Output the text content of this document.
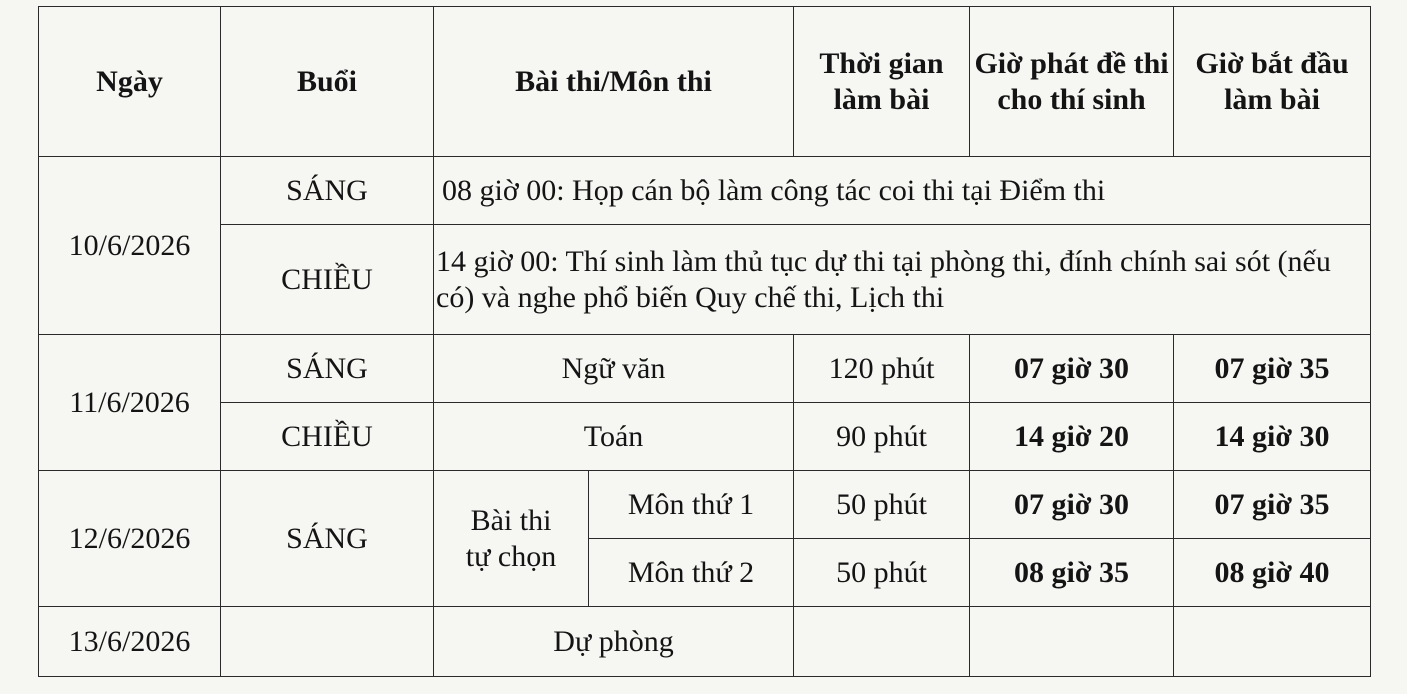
Ngày	Buổi	Bài thi/Môn thi		Thời gian làm bài	Giờ phát đề thi cho thí sinh	Giờ bắt đầu làm bài
10/6/2026	SÁNG	08 giờ 00: Họp cán bộ làm công tác coi thi tại Điểm thi				
	CHIỀU	14 giờ 00: Thí sinh làm thủ tục dự thi tại phòng thi, đính chính sai sót (nếu có) và nghe phổ biến Quy chế thi, Lịch thi				
11/6/2026	SÁNG	Ngữ văn		120 phút	07 giờ 30	07 giờ 35
	CHIỀU	Toán		90 phút	14 giờ 20	14 giờ 30
12/6/2026	SÁNG	Bài thi tự chọn	Môn thứ 1	50 phút	07 giờ 30	07 giờ 35
			Môn thứ 2	50 phút	08 giờ 35	08 giờ 40
13/6/2026		Dự phòng				
